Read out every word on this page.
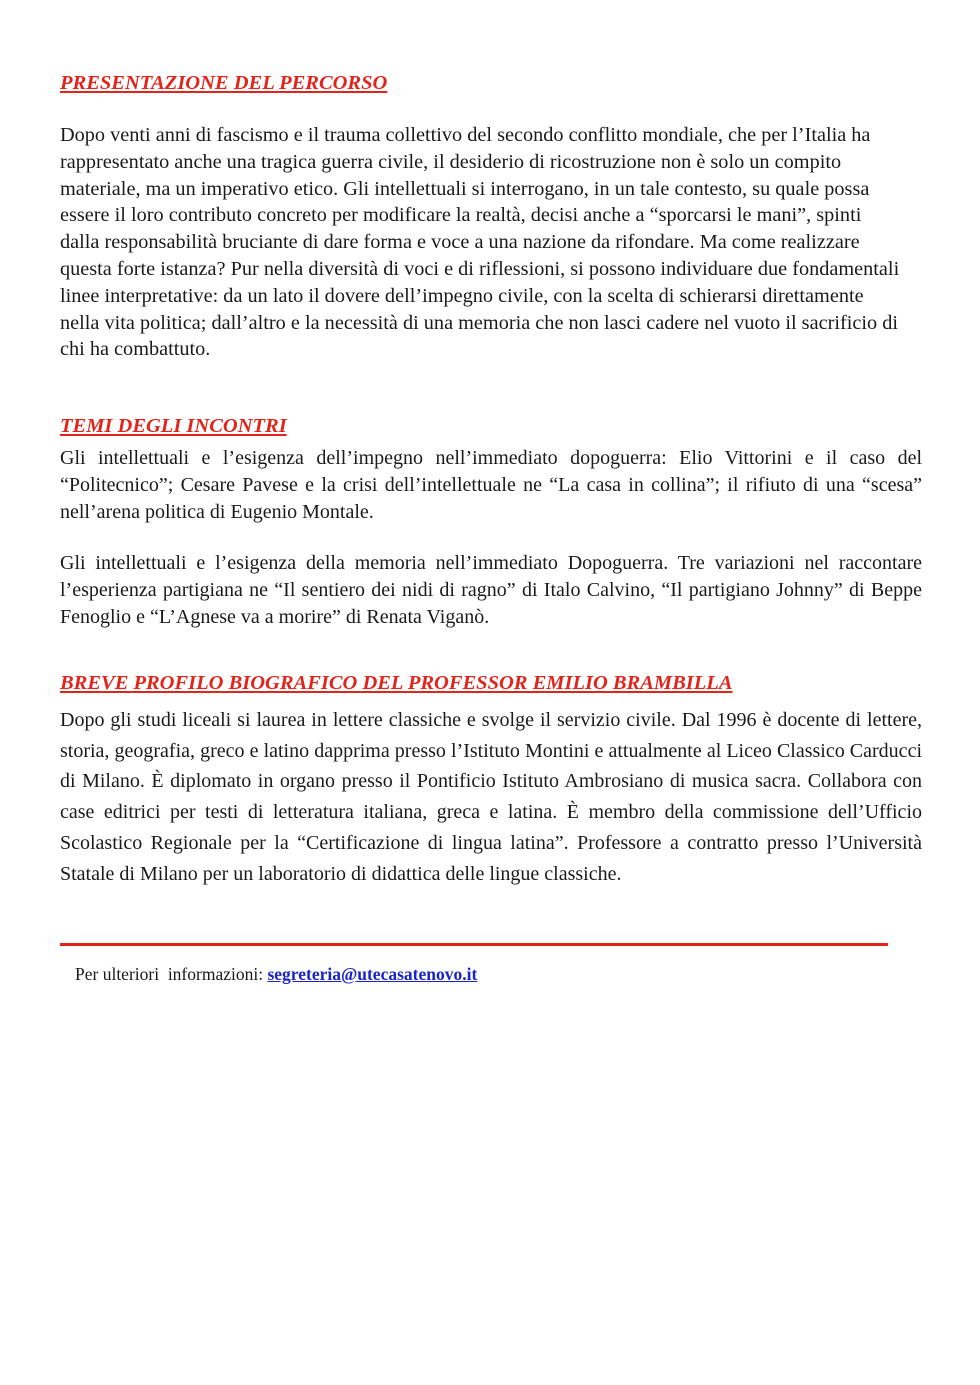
PRESENTAZIONE DEL PERCORSO

Dopo venti anni di fascismo e il trauma collettivo del secondo conflitto mondiale, che per l’Italia ha rappresentato anche una tragica guerra civile, il desiderio di ricostruzione non è solo un compito materiale, ma un imperativo etico. Gli intellettuali si interrogano, in un tale contesto, su quale possa essere il loro contributo concreto per modificare la realtà, decisi anche a “sporcarsi le mani”, spinti dalla responsabilità bruciante di dare forma e voce a una nazione da rifondare. Ma come realizzare questa forte istanza? Pur nella diversità di voci e di riflessioni, si possono individuare due fondamentali linee interpretative: da un lato il dovere dell’impegno civile, con la scelta di schierarsi direttamente nella vita politica; dall’altro e la necessità di una memoria che non lasci cadere nel vuoto il sacrificio di chi ha combattuto.

TEMI DEGLI INCONTRI

Gli intellettuali e l’esigenza dell’impegno nell’immediato dopoguerra: Elio Vittorini e il caso del “Politecnico”; Cesare Pavese e la crisi dell’intellettuale ne “La casa in collina”; il rifiuto di una “scesa” nell’arena politica di Eugenio Montale.

Gli intellettuali e l’esigenza della memoria nell’immediato Dopoguerra. Tre variazioni nel raccontare l’esperienza partigiana ne “Il sentiero dei nidi di ragno” di Italo Calvino, “Il partigiano Johnny” di Beppe Fenoglio e “L’Agnese va a morire” di Renata Viganò.

BREVE PROFILO BIOGRAFICO DEL PROFESSOR EMILIO BRAMBILLA

Dopo gli studi liceali si laurea in lettere classiche e svolge il servizio civile. Dal 1996 è docente di lettere, storia, geografia, greco e latino dapprima presso l’Istituto Montini e attualmente al Liceo Classico Carducci di Milano. È diplomato in organo presso il Pontificio Istituto Ambrosiano di musica sacra. Collabora con case editrici per testi di letteratura italiana, greca e latina. È membro della commissione dell’Ufficio Scolastico Regionale per la “Certificazione di lingua latina”. Professore a contratto presso l’Università Statale di Milano per un laboratorio di didattica delle lingue classiche.

Per ulteriori  informazioni: segreteria@utecasatenovo.it
